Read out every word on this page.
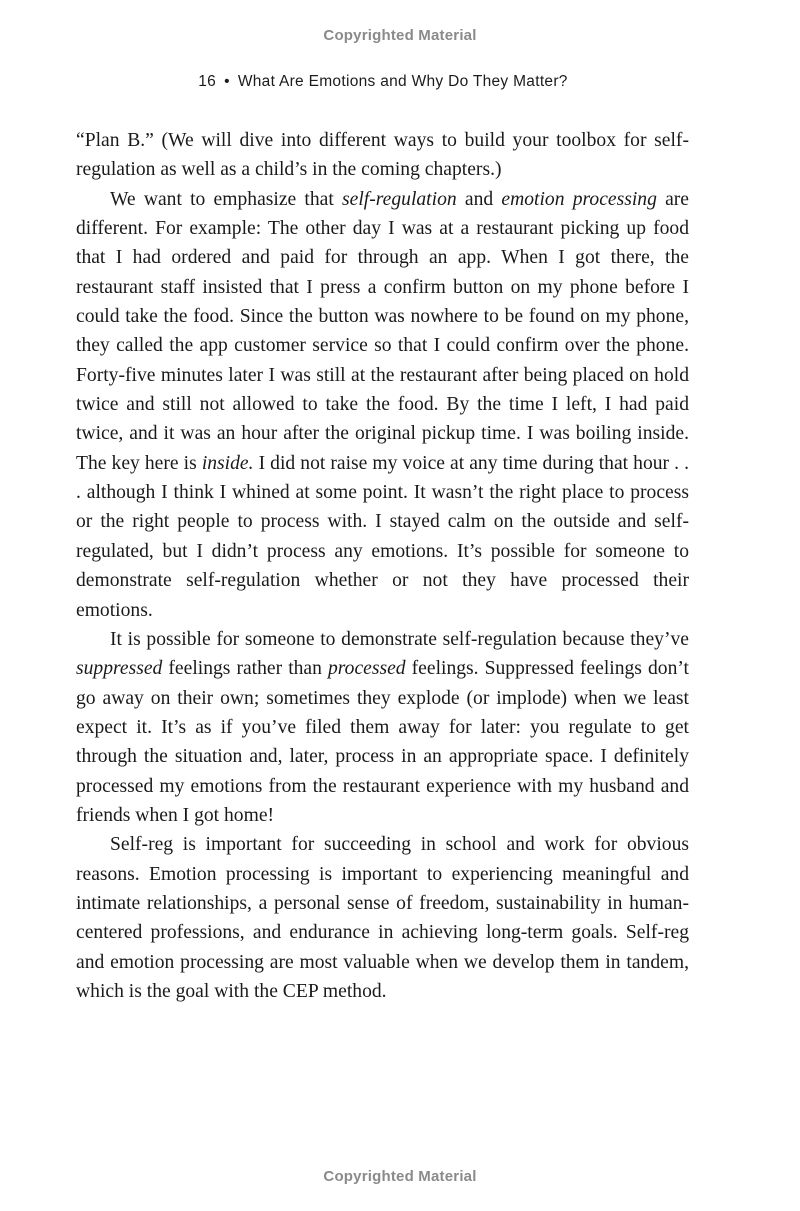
Copyrighted Material
16 • What Are Emotions and Why Do They Matter?

“Plan B.” (We will dive into different ways to build your toolbox for self-regulation as well as a child’s in the coming chapters.)

We want to emphasize that self-regulation and emotion processing are different. For example: The other day I was at a restaurant picking up food that I had ordered and paid for through an app. When I got there, the restaurant staff insisted that I press a confirm button on my phone before I could take the food. Since the button was nowhere to be found on my phone, they called the app customer service so that I could confirm over the phone. Forty-five minutes later I was still at the restaurant after being placed on hold twice and still not allowed to take the food. By the time I left, I had paid twice, and it was an hour after the original pickup time. I was boiling inside. The key here is inside. I did not raise my voice at any time during that hour . . . although I think I whined at some point. It wasn’t the right place to process or the right people to process with. I stayed calm on the outside and self-regulated, but I didn’t process any emotions. It’s possible for someone to demonstrate self-regulation whether or not they have processed their emotions.

It is possible for someone to demonstrate self-regulation because they’ve suppressed feelings rather than processed feelings. Suppressed feelings don’t go away on their own; sometimes they explode (or implode) when we least expect it. It’s as if you’ve filed them away for later: you regulate to get through the situation and, later, process in an appropriate space. I definitely processed my emotions from the restaurant experience with my husband and friends when I got home!

Self-reg is important for succeeding in school and work for obvious reasons. Emotion processing is important to experiencing meaningful and intimate relationships, a personal sense of freedom, sustainability in human-centered professions, and endurance in achieving long-term goals. Self-reg and emotion processing are most valuable when we develop them in tandem, which is the goal with the CEP method.

Copyrighted Material
